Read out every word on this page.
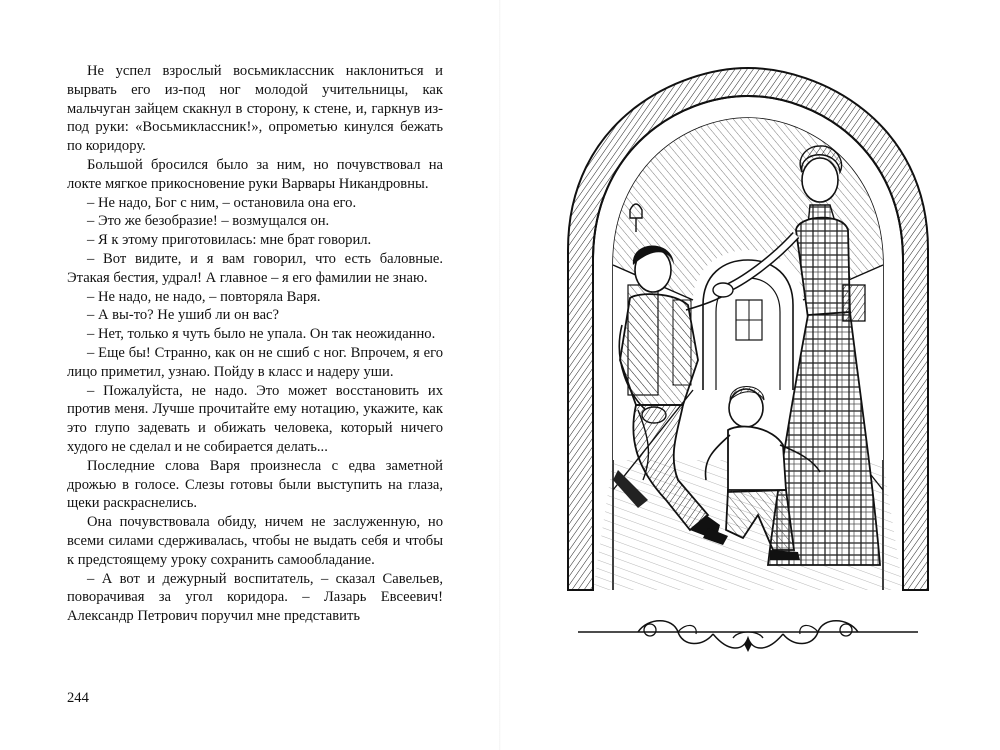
Не успел взрослый восьмиклассник наклониться и вырвать его из-под ног молодой учительницы, как мальчуган зайцем скакнул в сторону, к стене, и, гаркнув из-под руки: «Восьмиклассник!», опрометью кинулся бежать по коридору.

Большой бросился было за ним, но почувствовал на локте мягкое прикосновение руки Варвары Никандровны.

– Не надо, Бог с ним, – остановила она его.

– Это же безобразие! – возмущался он.

– Я к этому приготовилась: мне брат говорил.

– Вот видите, и я вам говорил, что есть баловные. Этакая бестия, удрал! А главное – я его фамилии не знаю.

– Не надо, не надо, – повторяла Варя.

– А вы-то? Не ушиб ли он вас?

– Нет, только я чуть было не упала. Он так неожиданно.

– Еще бы! Странно, как он не сшиб с ног. Впрочем, я его лицо приметил, узнаю. Пойду в класс и надеру уши.

– Пожалуйста, не надо. Это может восстановить их против меня. Лучше прочитайте ему нотацию, укажите, как это глупо задевать и обижать человека, который ничего худого не сделал и не собирается делать...

Последние слова Варя произнесла с едва заметной дрожью в голосе. Слезы готовы были выступить на глаза, щеки раскраснелись.

Она почувствовала обиду, ничем не заслуженную, но всеми силами сдерживалась, чтобы не выдать себя и чтобы к предстоящему уроку сохранить самообладание.

– А вот и дежурный воспитатель, – сказал Савельев, поворачивая за угол коридора. – Лазарь Евсеевич! Александр Петрович поручил мне представить

244
